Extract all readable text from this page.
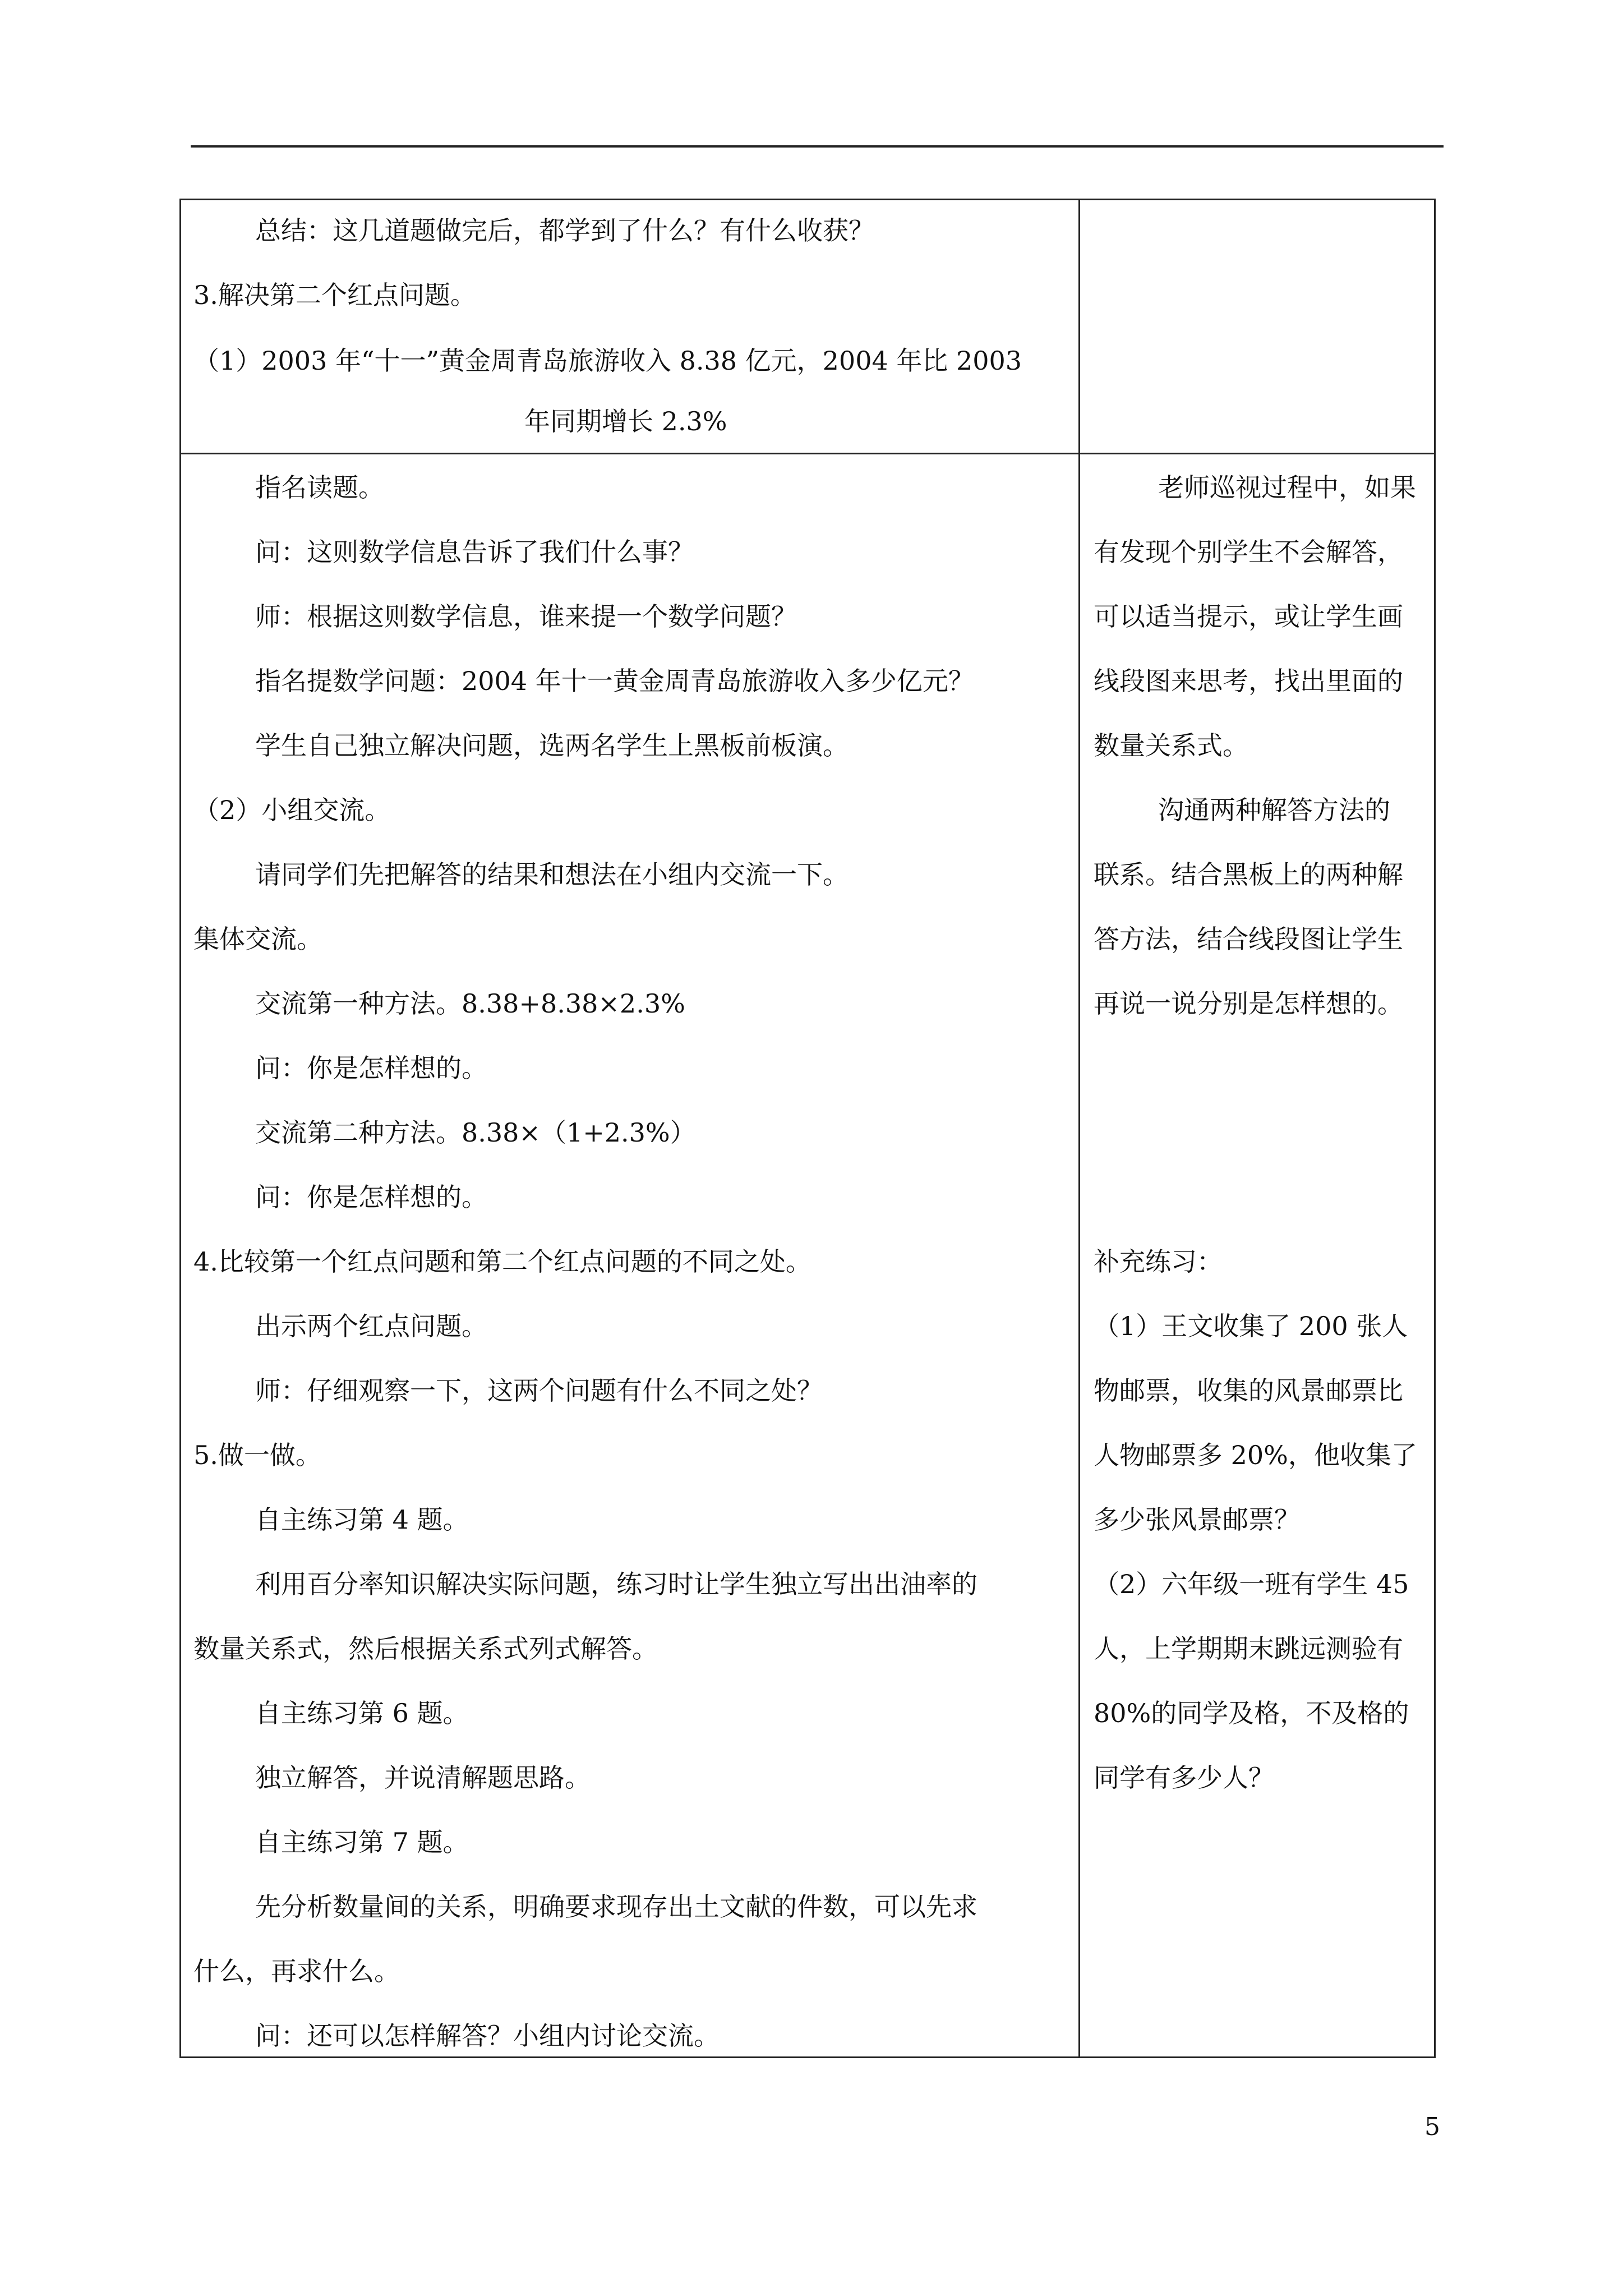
总结：这几道题做完后，都学到了什么？有什么收获？
3.解决第二个红点问题。
（1）2003 年“十一”黄金周青岛旅游收入 8.38 亿元，2004 年比 2003
年同期增长 2.3%
指名读题。
问：这则数学信息告诉了我们什么事？
师：根据这则数学信息，谁来提一个数学问题？
指名提数学问题：2004 年十一黄金周青岛旅游收入多少亿元？
学生自己独立解决问题，选两名学生上黑板前板演。
（2）小组交流。
请同学们先把解答的结果和想法在小组内交流一下。
集体交流。
交流第一种方法。8.38+8.38×2.3%
问：你是怎样想的。
交流第二种方法。8.38×（1+2.3%）
问：你是怎样想的。
4.比较第一个红点问题和第二个红点问题的不同之处。
出示两个红点问题。
师：仔细观察一下，这两个问题有什么不同之处？
5.做一做。
自主练习第 4 题。
利用百分率知识解决实际问题，练习时让学生独立写出出油率的
数量关系式，然后根据关系式列式解答。
自主练习第 6 题。
独立解答，并说清解题思路。
自主练习第 7 题。
先分析数量间的关系，明确要求现存出土文献的件数，可以先求
什么，再求什么。
问：还可以怎样解答？小组内讨论交流。
老师巡视过程中，如果
有发现个别学生不会解答，
可以适当提示，或让学生画
线段图来思考，找出里面的
数量关系式。
沟通两种解答方法的
联系。结合黑板上的两种解
答方法，结合线段图让学生
再说一说分别是怎样想的。
补充练习：
（1）王文收集了 200 张人
物邮票，收集的风景邮票比
人物邮票多 20%，他收集了
多少张风景邮票？
（2）六年级一班有学生 45
人，上学期期末跳远测验有
80%的同学及格，不及格的
同学有多少人？
5
